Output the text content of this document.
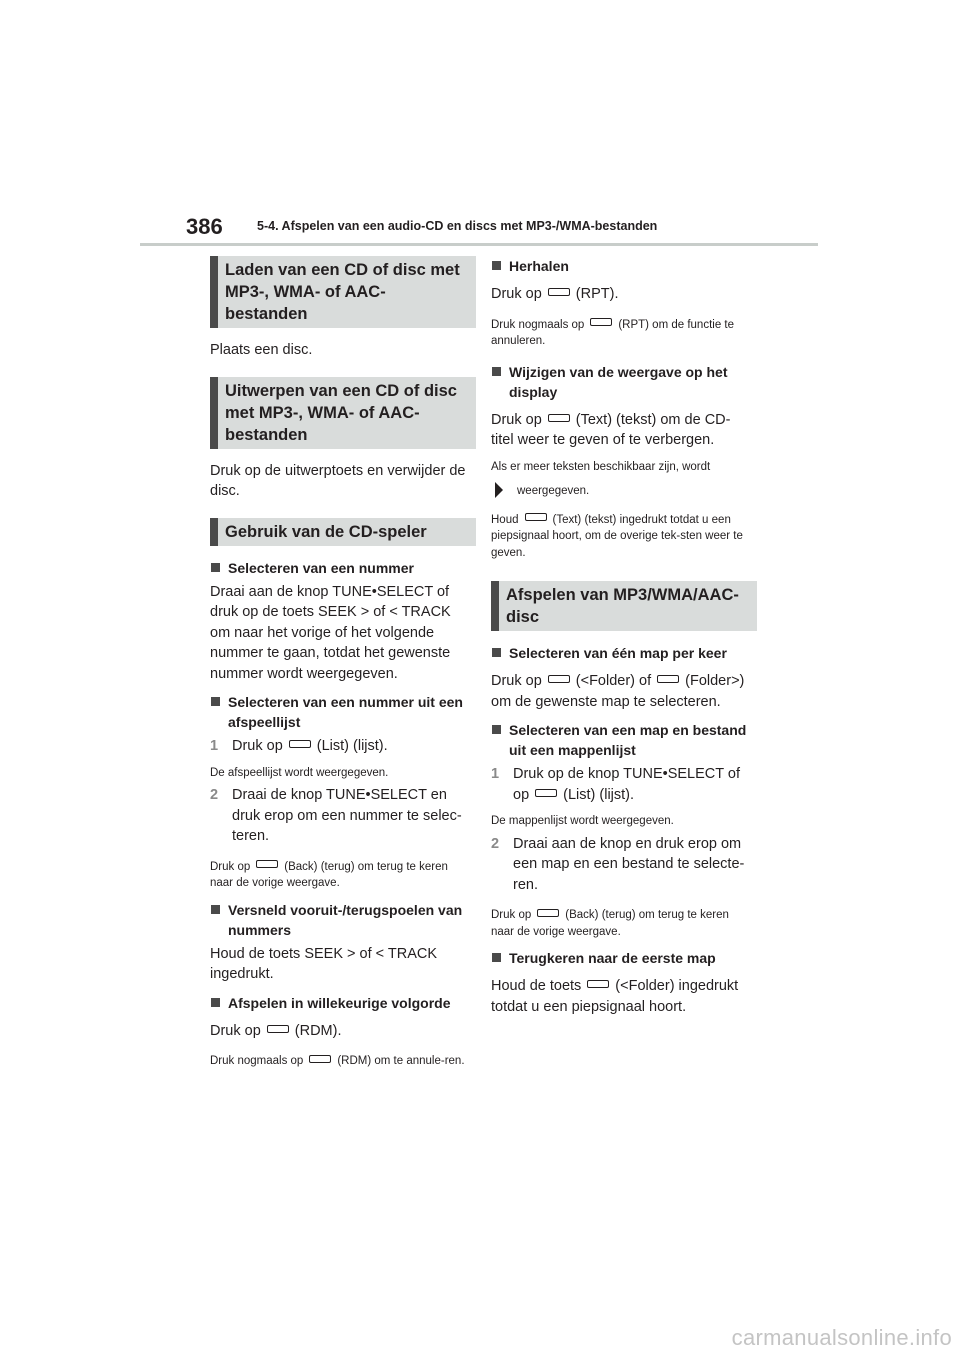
386	5-4. Afspelen van een audio-CD en discs met MP3-/WMA-bestanden
Laden van een CD of disc met MP3-, WMA- of AAC-bestanden
Plaats een disc.
Uitwerpen van een CD of disc met MP3-, WMA- of AAC-bestanden
Druk op de uitwerptoets en verwijder de disc.
Gebruik van de CD-speler
Selecteren van een nummer
Draai aan de knop TUNE•SELECT of druk op de toets SEEK > of < TRACK om naar het vorige of het volgende nummer te gaan, totdat het gewenste nummer wordt weergegeven.
Selecteren van een nummer uit een afspeellijst
1 Druk op (List) (lijst).
De afspeellijst wordt weergegeven.
2 Draai de knop TUNE•SELECT en druk erop om een nummer te selec-teren.
Druk op	(Back) (terug) om terug te keren naar de vorige weergave.
Versneld vooruit-/terugspoelen van nummers
Houd de toets SEEK > of < TRACK ingedrukt.
Afspelen in willekeurige volgorde
Druk op (RDM).
Druk nogmaals op	(RDM) om te annule-ren.
Herhalen
Druk op (RPT).
Druk nogmaals op	(RPT) om de functie te annuleren.
Wijzigen van de weergave op het display
Druk op (Text) (tekst) om de CD-titel weer te geven of te verbergen.
Als er meer teksten beschikbaar zijn, wordt
weergegeven.
Houd	(Text) (tekst) ingedrukt totdat u een piepsignaal hoort, om de overige tek-sten weer te geven.
Afspelen van MP3/WMA/AAC-disc
Selecteren van één map per keer
Druk op (<Folder) of (Folder>) om de gewenste map te selecteren.
Selecteren van een map en bestand uit een mappenlijst
1 Druk op de knop TUNE•SELECT of op (List) (lijst).
De mappenlijst wordt weergegeven.
2 Draai aan de knop en druk erop om een map en een bestand te selecte-ren.
Druk op	(Back) (terug) om terug te keren naar de vorige weergave.
Terugkeren naar de eerste map
Houd de toets (<Folder) ingedrukt totdat u een piepsignaal hoort.
carmanualsonline.info
